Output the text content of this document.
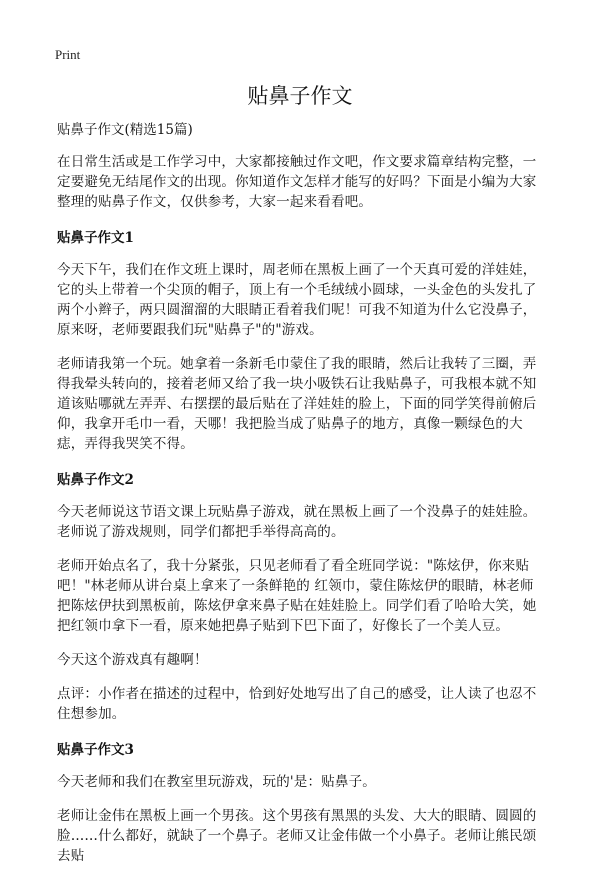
Print
贴鼻子作文

贴鼻子作文(精选15篇)

在日常生活或是工作学习中，大家都接触过作文吧，作文要求篇章结构完整，一定要避免无结尾作文的出现。你知道作文怎样才能写的好吗？下面是小编为大家整理的贴鼻子作文，仅供参考，大家一起来看看吧。

贴鼻子作文1

今天下午，我们在作文班上课时，周老师在黑板上画了一个天真可爱的洋娃娃，它的头上带着一个尖顶的帽子，顶上有一个毛绒绒小圆球，一头金色的头发扎了两个小辫子，两只圆溜溜的大眼睛正看着我们呢！可我不知道为什么它没鼻子，原来呀，老师要跟我们玩"贴鼻子"的"游戏。

老师请我第一个玩。她拿着一条新毛巾蒙住了我的眼睛，然后让我转了三圈，弄得我晕头转向的，接着老师又给了我一块小吸铁石让我贴鼻子，可我根本就不知道该贴哪就左弄弄、右摆摆的最后贴在了洋娃娃的脸上，下面的同学笑得前俯后仰，我拿开毛巾一看，天哪！我把脸当成了贴鼻子的地方，真像一颗绿色的大痣，弄得我哭笑不得。

贴鼻子作文2

今天老师说这节语文课上玩贴鼻子游戏，就在黑板上画了一个没鼻子的娃娃脸。老师说了游戏规则，同学们都把手举得高高的。

老师开始点名了，我十分紧张，只见老师看了看全班同学说："陈炫伊，你来贴吧！"林老师从讲台桌上拿来了一条鲜艳的 红领巾，蒙住陈炫伊的眼睛，林老师把陈炫伊扶到黑板前，陈炫伊拿来鼻子贴在娃娃脸上。同学们看了哈哈大笑，她把红领巾拿下一看，原来她把鼻子贴到下巴下面了，好像长了一个美人豆。

今天这个游戏真有趣啊！

点评：小作者在描述的过程中，恰到好处地写出了自己的感受，让人读了也忍不住想参加。

贴鼻子作文3

今天老师和我们在教室里玩游戏，玩的'是：贴鼻子。

老师让金伟在黑板上画一个男孩。这个男孩有黑黑的头发、大大的眼睛、圆圆的脸……什么都好，就缺了一个鼻子。老师又让金伟做一个小鼻子。老师让熊民颂去贴
